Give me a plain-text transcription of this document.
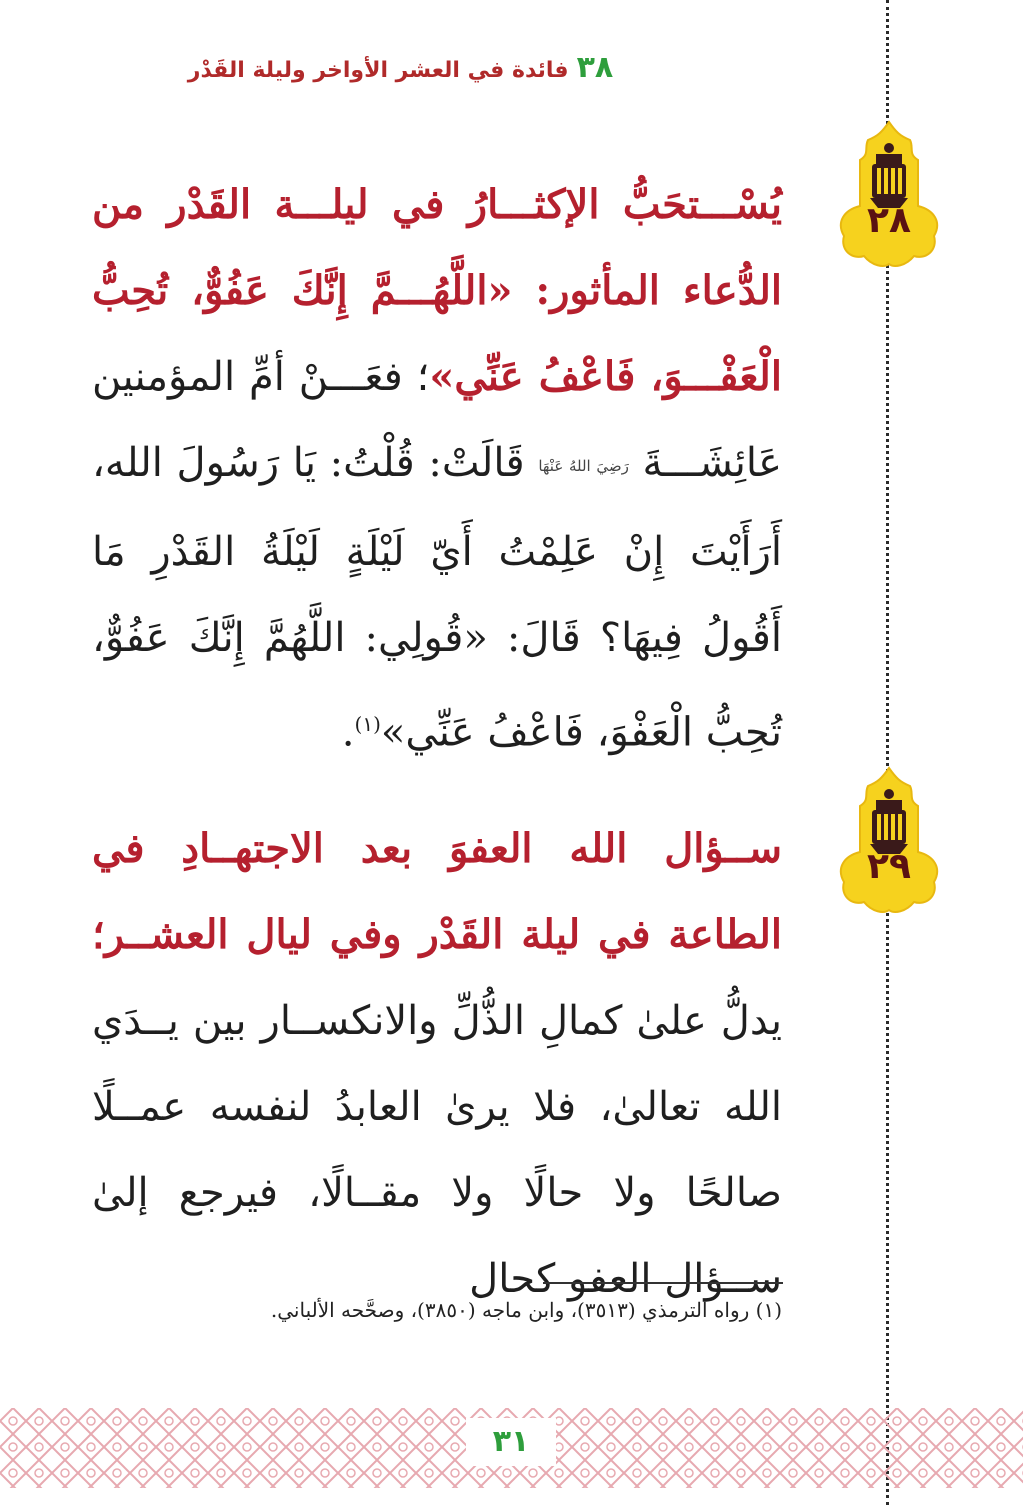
٣٨فائدة في العشر الأواخر وليلة القَدْر
٢٨
يُسْـــتحَبُّ الإكثـــارُ في ليلـــة القَدْر من الدُّعاء المأثور: «اللَّهُـــمَّ إِنَّكَ عَفُوٌّ، تُحِبُّ الْعَفْـــوَ، فَاعْفُ عَنِّي»؛ فعَـــنْ أمِّ المؤمنين عَائِشَـــةَ رَضِيَ اللهُ عَنْهَا قَالَتْ: قُلْتُ: يَا رَسُولَ الله، أَرَأَيْتَ إِنْ عَلِمْتُ أَيّ لَيْلَةٍ لَيْلَةُ القَدْرِ مَا أَقُولُ فِيهَا؟ قَالَ: «قُولِي: اللَّهُمَّ إِنَّكَ عَفُوٌّ، تُحِبُّ الْعَفْوَ، فَاعْفُ عَنِّي»$^{(١)}$.
٢٩
ســؤال الله العفوَ بعد الاجتهــادِ في الطاعة في ليلة القَدْر وفي ليال العشــر؛ يدلُّ علىٰ كمالِ الذُّلِّ والانكســار بين يــدَي الله تعالىٰ، فلا يرىٰ العابدُ لنفسه عمــلًا صالحًا ولا حالًا ولا مقــالًا، فيرجع إلىٰ ســؤال العفو كحال
(١) رواه الترمذي (٣٥١٣)، وابن ماجه (٣٨٥٠)، وصحَّحه الألباني.
٣١
